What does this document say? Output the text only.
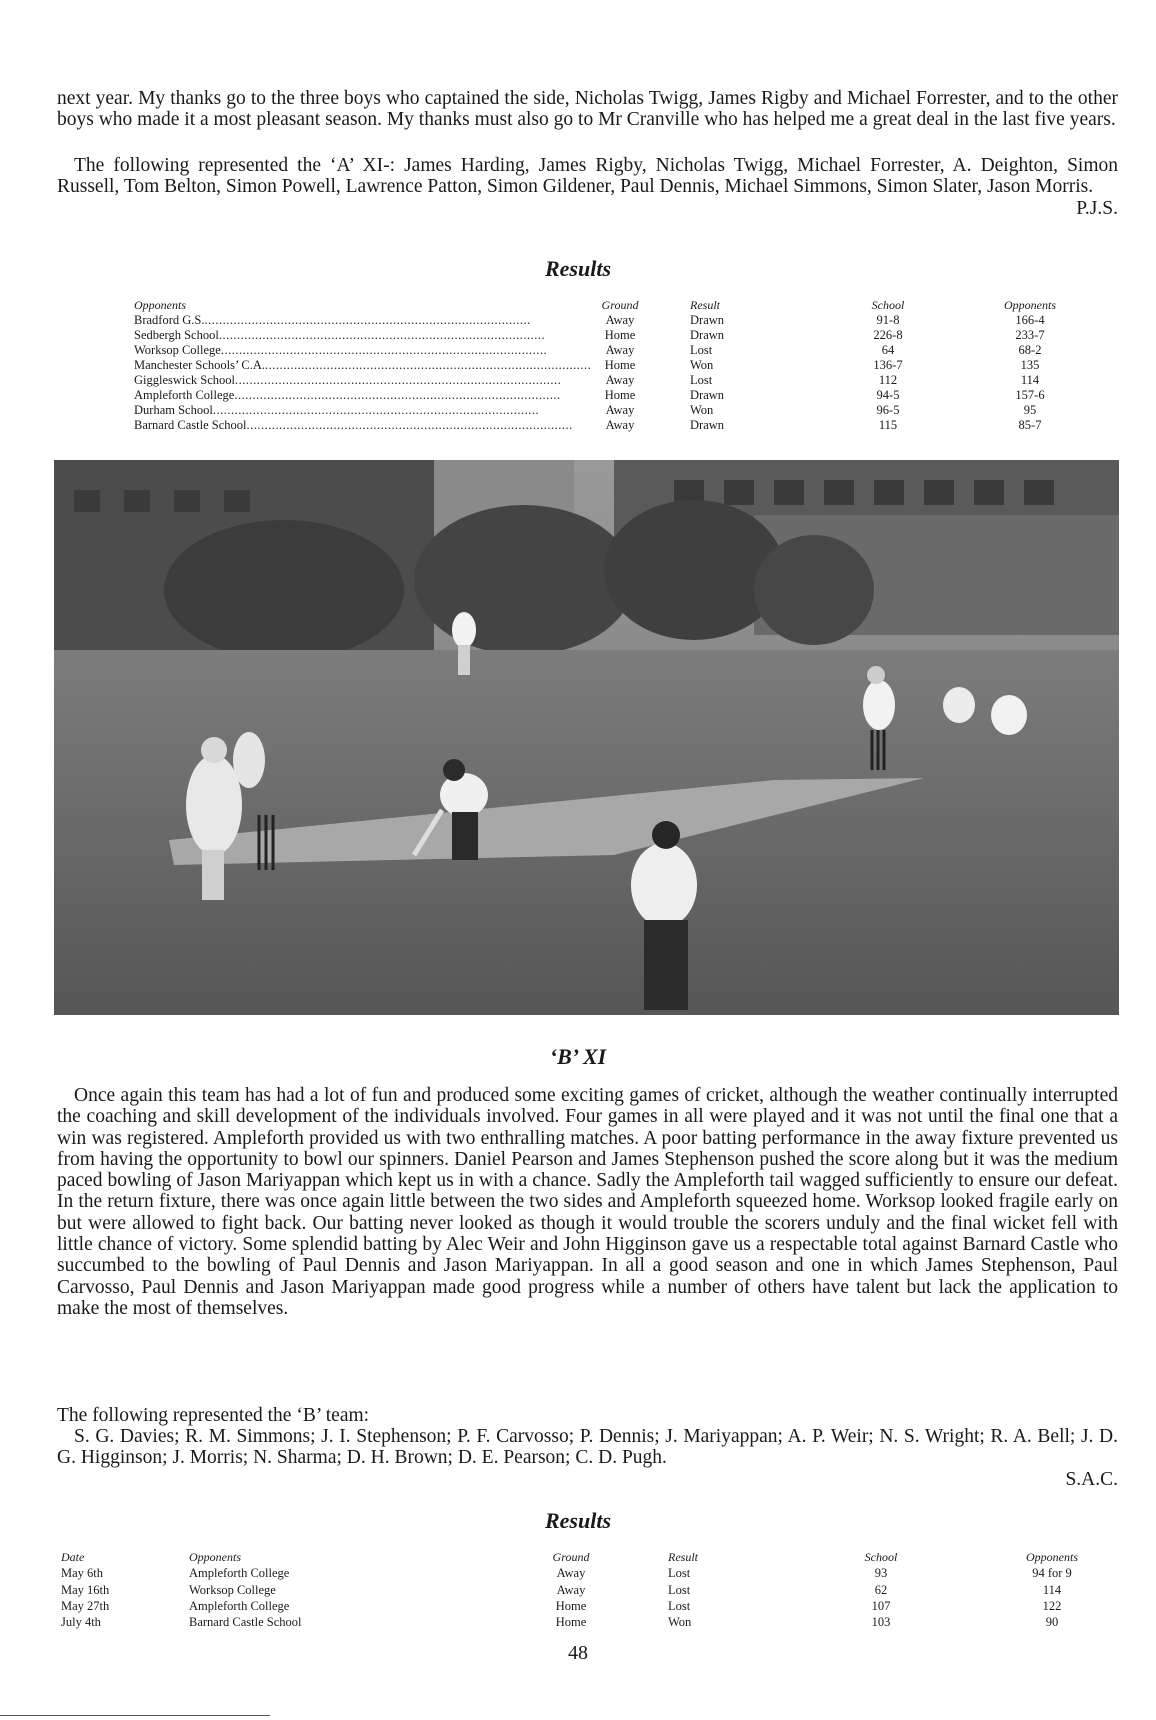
next year. My thanks go to the three boys who captained the side, Nicholas Twigg, James Rigby and Michael Forrester, and to the other boys who made it a most pleasant season. My thanks must also go to Mr Cranville who has helped me a great deal in the last five years.

The following represented the ‘A’ XI-: James Harding, James Rigby, Nicholas Twigg, Michael Forrester, A. Deighton, Simon Russell, Tom Belton, Simon Powell, Lawrence Patton, Simon Gildener, Paul Dennis, Michael Simmons, Simon Slater, Jason Morris.

P.J.S.
Results
Opponents	Ground	Result	School	Opponents
Bradford G.S...........................................................................................	Away	Drawn	91-8	166-4
Sedbergh School..........................................................................................	Home	Drawn	226-8	233-7
Worksop College..........................................................................................	Away	Lost	64	68-2
Manchester Schools’ C.A...........................................................................................	Home	Won	136-7	135
Giggleswick School..........................................................................................	Away	Lost	112	114
Ampleforth College..........................................................................................	Home	Drawn	94-5	157-6
Durham School..........................................................................................	Away	Won	96-5	95
Barnard Castle School..........................................................................................	Away	Drawn	115	85-7
‘B’ XI

Once again this team has had a lot of fun and produced some exciting games of cricket, although the weather continually interrupted the coaching and skill development of the individuals involved. Four games in all were played and it was not until the final one that a win was registered. Ampleforth provided us with two enthralling matches. A poor batting performance in the away fixture prevented us from having the opportunity to bowl our spinners. Daniel Pearson and James Stephenson pushed the score along but it was the medium paced bowling of Jason Mariyappan which kept us in with a chance. Sadly the Ampleforth tail wagged sufficiently to ensure our defeat. In the return fixture, there was once again little between the two sides and Ampleforth squeezed home. Worksop looked fragile early on but were allowed to fight back. Our batting never looked as though it would trouble the scorers unduly and the final wicket fell with little chance of victory. Some splendid batting by Alec Weir and John Higginson gave us a respectable total against Barnard Castle who succumbed to the bowling of Paul Dennis and Jason Mariyappan. In all a good season and one in which James Stephenson, Paul Carvosso, Paul Dennis and Jason Mariyappan made good progress while a number of others have talent but lack the application to make the most of themselves.

The following represented the ‘B’ team:

S. G. Davies; R. M. Simmons; J. I. Stephenson; P. F. Carvosso; P. Dennis; J. Mariyappan; A. P. Weir; N. S. Wright; R. A. Bell; J. D. G. Higginson; J. Morris; N. Sharma; D. H. Brown; D. E. Pearson; C. D. Pugh.

S.A.C.
Results
Date	Opponents	Ground	Result	School	Opponents
May 6th	Ampleforth College	Away	Lost	93	94 for 9
May 16th	Worksop College	Away	Lost	62	114
May 27th	Ampleforth College	Home	Lost	107	122
July 4th	Barnard Castle School	Home	Won	103	90
48
